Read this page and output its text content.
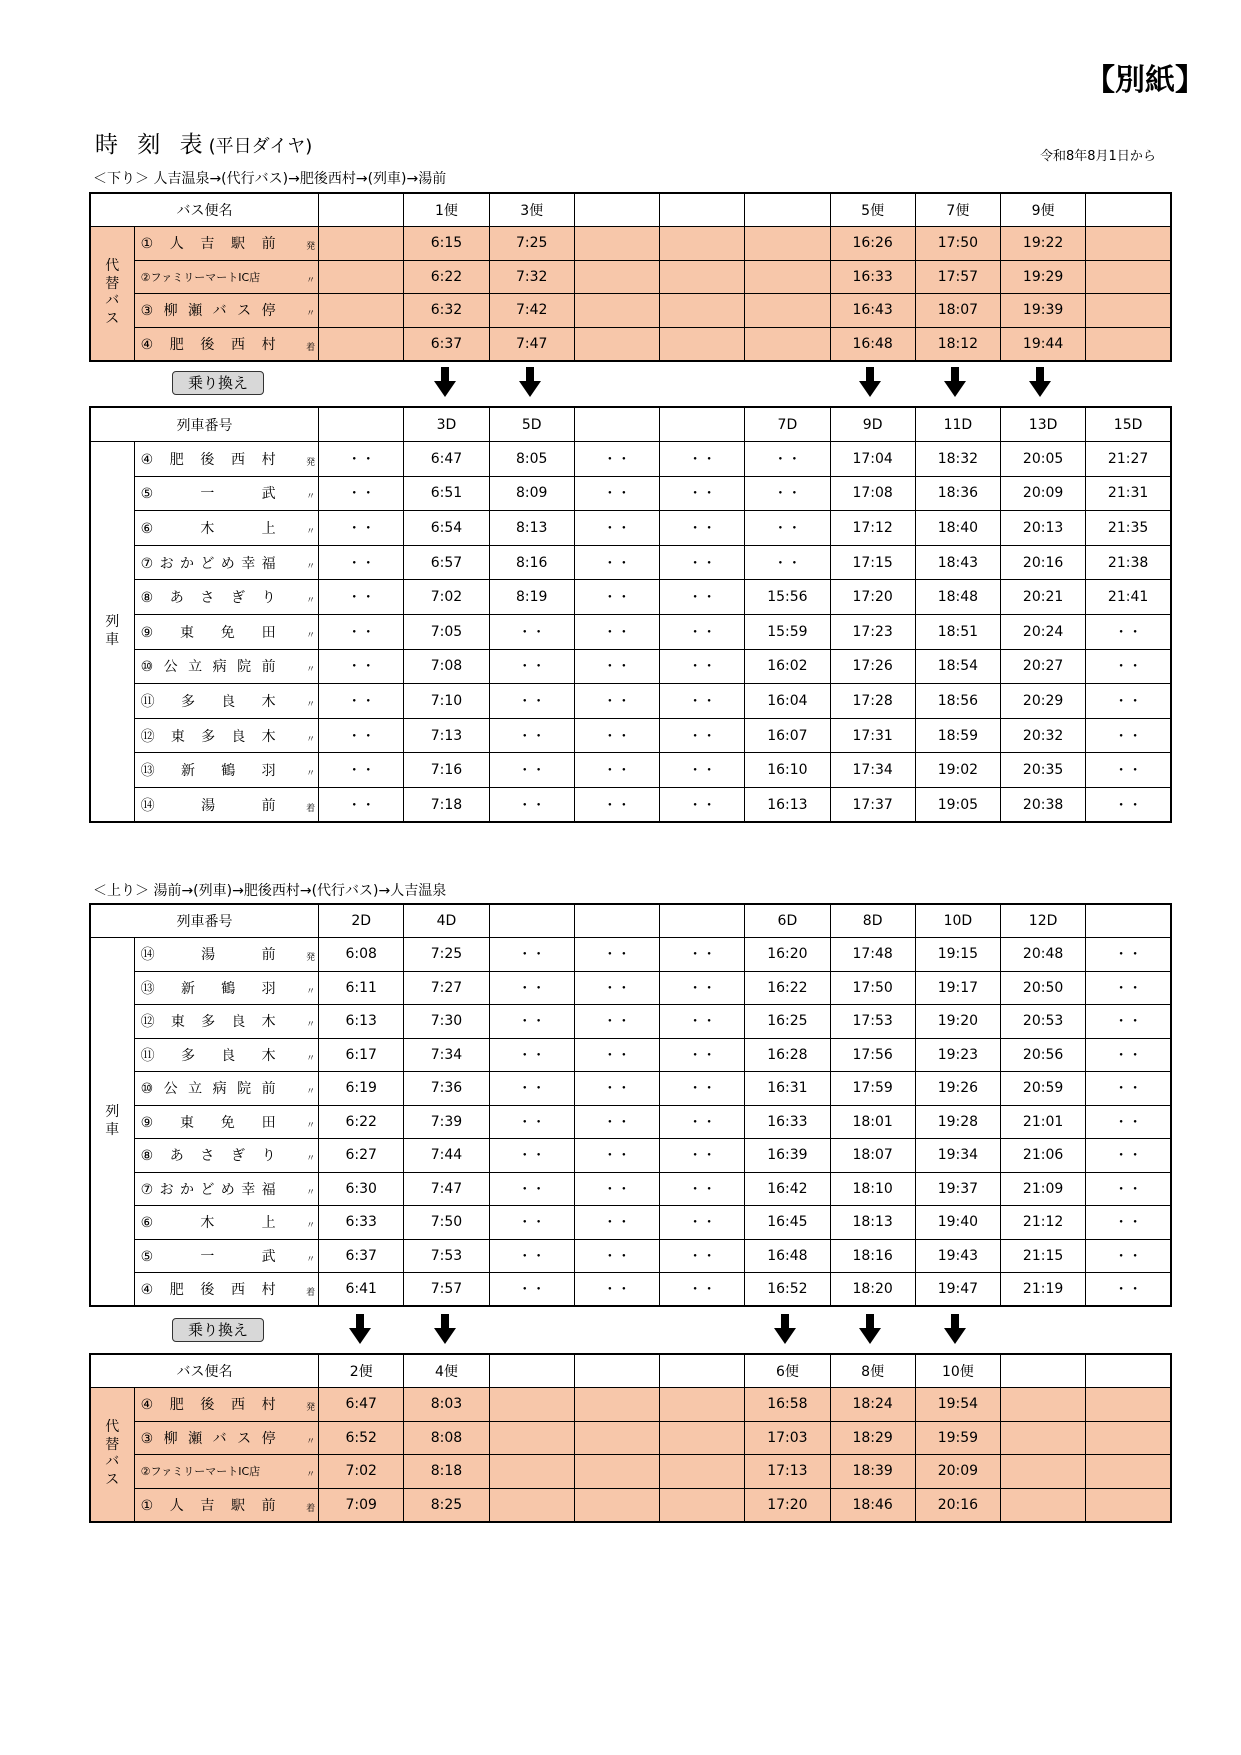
【別紙】
時 刻 表(平日ダイヤ)	令和8年8月1日から
＜下り＞ 人吉温泉→(代行バス)→肥後西村→(列車)→湯前
バス便名			1便	3便				5便	7便	9便	

代
替
バ
ス	①人吉駅前 発		6:15	7:25				16:26	17:50	19:22	
	②ファミリーマートIC店 〃		6:22	7:32				16:33	17:57	19:29	
	③柳瀬バス停 〃		6:32	7:42				16:43	18:07	19:39	
	④肥後西村 着		6:37	7:47				16:48	18:12	19:44	
乗り換え
列車番号			3D	5D			7D	9D	11D	13D	15D

列
車	④肥後西村 発	・・	6:47	8:05	・・	・・	・・	17:04	18:32	20:05	21:27
	⑤一武 〃	・・	6:51	8:09	・・	・・	・・	17:08	18:36	20:09	21:31
	⑥木上 〃	・・	6:54	8:13	・・	・・	・・	17:12	18:40	20:13	21:35
	⑦おかどめ幸福 〃	・・	6:57	8:16	・・	・・	・・	17:15	18:43	20:16	21:38
	⑧あさぎり 〃	・・	7:02	8:19	・・	・・	15:56	17:20	18:48	20:21	21:41
	⑨東免田 〃	・・	7:05	・・	・・	・・	15:59	17:23	18:51	20:24	・・
	⑩公立病院前 〃	・・	7:08	・・	・・	・・	16:02	17:26	18:54	20:27	・・
	⑪多良木 〃	・・	7:10	・・	・・	・・	16:04	17:28	18:56	20:29	・・
	⑫東多良木 〃	・・	7:13	・・	・・	・・	16:07	17:31	18:59	20:32	・・
	⑬新鶴羽 〃	・・	7:16	・・	・・	・・	16:10	17:34	19:02	20:35	・・
	⑭湯前 着	・・	7:18	・・	・・	・・	16:13	17:37	19:05	20:38	・・
＜上り＞ 湯前→(列車)→肥後西村→(代行バス)→人吉温泉
列車番号		2D	4D				6D	8D	10D	12D	

列
車	⑭湯前 発	6:08	7:25	・・	・・	・・	16:20	17:48	19:15	20:48	・・
	⑬新鶴羽 〃	6:11	7:27	・・	・・	・・	16:22	17:50	19:17	20:50	・・
	⑫東多良木 〃	6:13	7:30	・・	・・	・・	16:25	17:53	19:20	20:53	・・
	⑪多良木 〃	6:17	7:34	・・	・・	・・	16:28	17:56	19:23	20:56	・・
	⑩公立病院前 〃	6:19	7:36	・・	・・	・・	16:31	17:59	19:26	20:59	・・
	⑨東免田 〃	6:22	7:39	・・	・・	・・	16:33	18:01	19:28	21:01	・・
	⑧あさぎり 〃	6:27	7:44	・・	・・	・・	16:39	18:07	19:34	21:06	・・
	⑦おかどめ幸福 〃	6:30	7:47	・・	・・	・・	16:42	18:10	19:37	21:09	・・
	⑥木上 〃	6:33	7:50	・・	・・	・・	16:45	18:13	19:40	21:12	・・
	⑤一武 〃	6:37	7:53	・・	・・	・・	16:48	18:16	19:43	21:15	・・
	④肥後西村 着	6:41	7:57	・・	・・	・・	16:52	18:20	19:47	21:19	・・
乗り換え
バス便名		2便	4便				6便	8便	10便		

代
替
バ
ス	④肥後西村 発	6:47	8:03				16:58	18:24	19:54		
	③柳瀬バス停 〃	6:52	8:08				17:03	18:29	19:59		
	②ファミリーマートIC店 〃	7:02	8:18				17:13	18:39	20:09		
	①人吉駅前 着	7:09	8:25				17:20	18:46	20:16		
